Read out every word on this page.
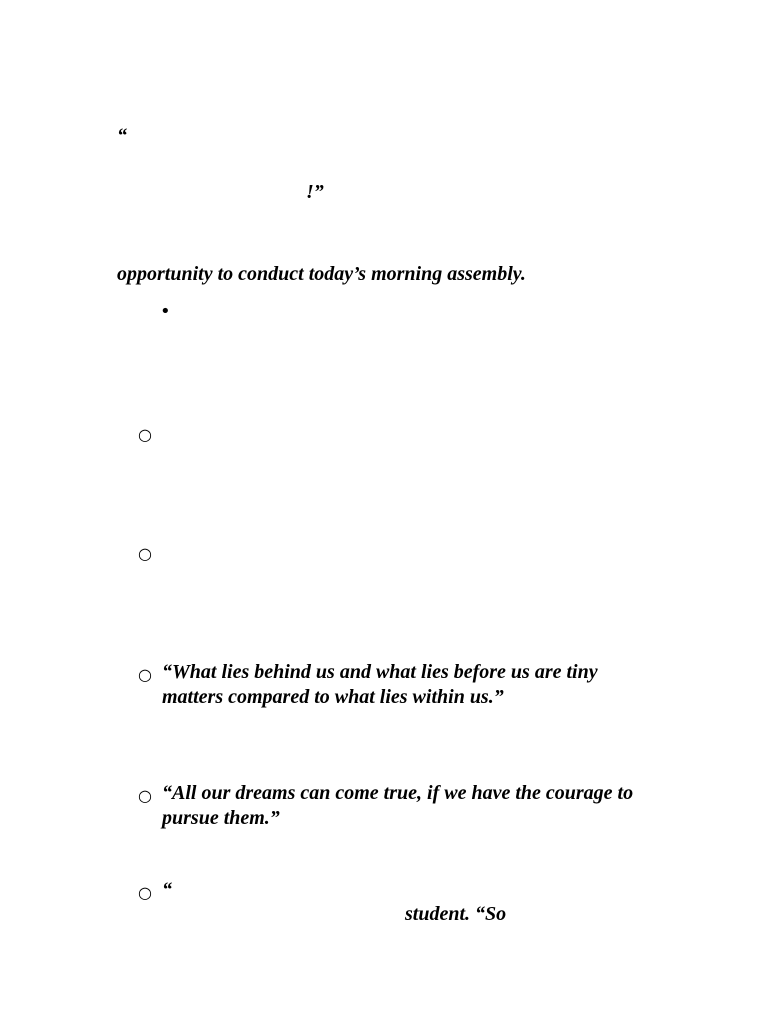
“
!”
opportunity to conduct today’s morning assembly.
•
○
○
○ “What lies behind us and what lies before us are tiny
matters compared to what lies within us.”
○ “All our dreams can come true, if we have the courage to
pursue them.”
○ “
student. “So
